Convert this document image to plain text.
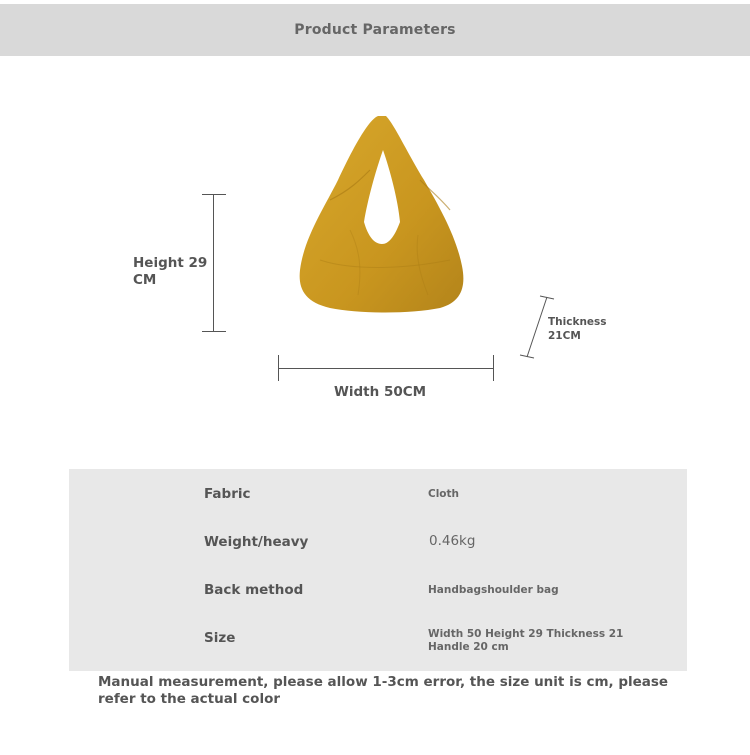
Product Parameters
Height 29 CM
Width 50CM
Thickness 21CM
Fabric	Cloth
Weight/heavy	0.46kg
Back method	Handbagshoulder bag
Size	Width 50 Height 29 Thickness 21 Handle 20 cm
Manual measurement, please allow 1-3cm error, the size unit is cm, please refer to the actual color
